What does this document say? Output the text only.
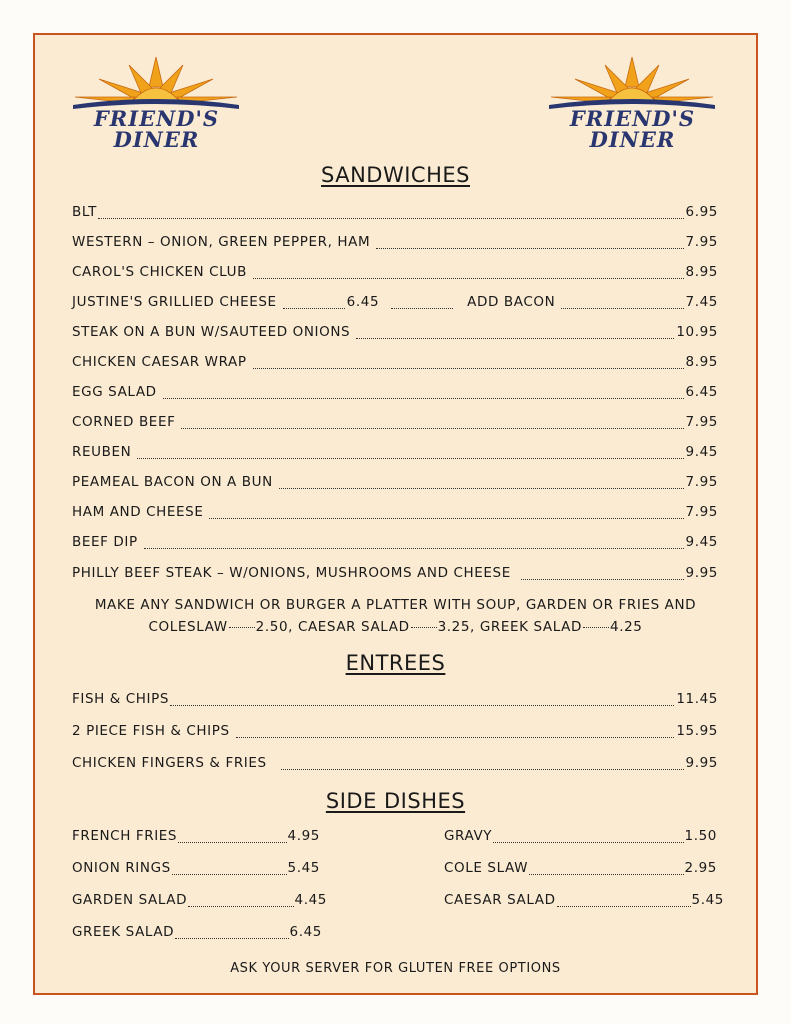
FRIEND'S
DINER
FRIEND'S
DINER
SANDWICHES
BLT	6.95
WESTERN – ONION, GREEN PEPPER, HAM	7.95
CAROL'S CHICKEN CLUB	8.95
JUSTINE'S GRILLIED CHEESE	6.45	ADD BACON	7.45
STEAK ON A BUN W/SAUTEED ONIONS	10.95
CHICKEN CAESAR WRAP	8.95
EGG SALAD	6.45
CORNED BEEF	7.95
REUBEN	9.45
PEAMEAL BACON ON A BUN	7.95
HAM AND CHEESE	7.95
BEEF DIP	9.45
PHILLY BEEF STEAK – W/ONIONS, MUSHROOMS AND CHEESE	9.95
MAKE ANY SANDWICH OR BURGER A PLATTER WITH SOUP, GARDEN OR FRIES AND
COLESLAW 2.50, CAESAR SALAD 3.25, GREEK SALAD 4.25
ENTREES
FISH & CHIPS	11.45
2 PIECE FISH & CHIPS	15.95
CHICKEN FINGERS & FRIES	9.95
SIDE DISHES
FRENCH FRIES	4.95
ONION RINGS	5.45
GARDEN SALAD	4.45
GREEK SALAD	6.45
GRAVY	1.50
COLE SLAW	2.95
CAESAR SALAD	5.45
ASK YOUR SERVER FOR GLUTEN FREE OPTIONS
